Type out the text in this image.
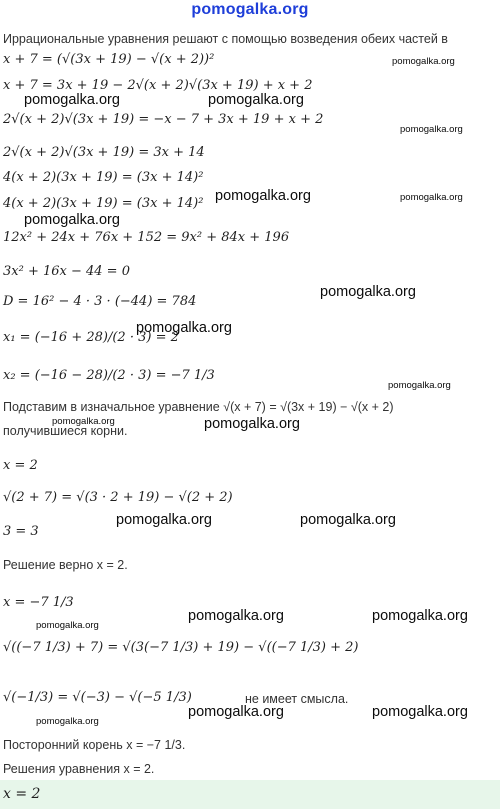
pomogalka.org
Иррациональные уравнения решают с помощью возведения обеих частей в
x + 7 = (√(3x + 19) − √(x + 2))²
x + 7 = 3x + 19 − 2√(x + 2)√(3x + 19) + x + 2
2√(x + 2)√(3x + 19) = −x − 7 + 3x + 19 + x + 2
2√(x + 2)√(3x + 19) = 3x + 14
4(x + 2)(3x + 19) = (3x + 14)²
4(x + 2)(3x + 19) = (3x + 14)²
12x² + 24x + 76x + 152 = 9x² + 84x + 196
3x² + 16x − 44 = 0
D = 16² − 4 · 3 · (−44) = 784
x₁ = (−16 + 28)/(2 · 3) = 2
x₂ = (−16 − 28)/(2 · 3) = −7 1/3
Подставим в изначальное уравнение √(x + 7) = √(3x + 19) − √(x + 2)
получившиеся корни.
x = 2
√(2 + 7) = √(3 · 2 + 19) − √(2 + 2)
3 = 3
Решение верно x = 2.
x = −7 1/3
√((−7 1/3) + 7) = √(3(−7 1/3) + 19) − √((−7 1/3) + 2)
√(−1/3) = √(−3) − √(−5 1/3)	не имеет смысла.
Посторонний корень x = −7 1/3.
Решения уравнения x = 2.
x = 2
pomogalka.org
pomogalka.org	pomogalka.org
pomogalka.org
pomogalka.org	pomogalka.org
pomogalka.org
pomogalka.org
pomogalka.org
pomogalka.org
pomogalka.org	pomogalka.org
pomogalka.org	pomogalka.org
pomogalka.org	pomogalka.org
pomogalka.org
pomogalka.org	pomogalka.org
pomogalka.org
